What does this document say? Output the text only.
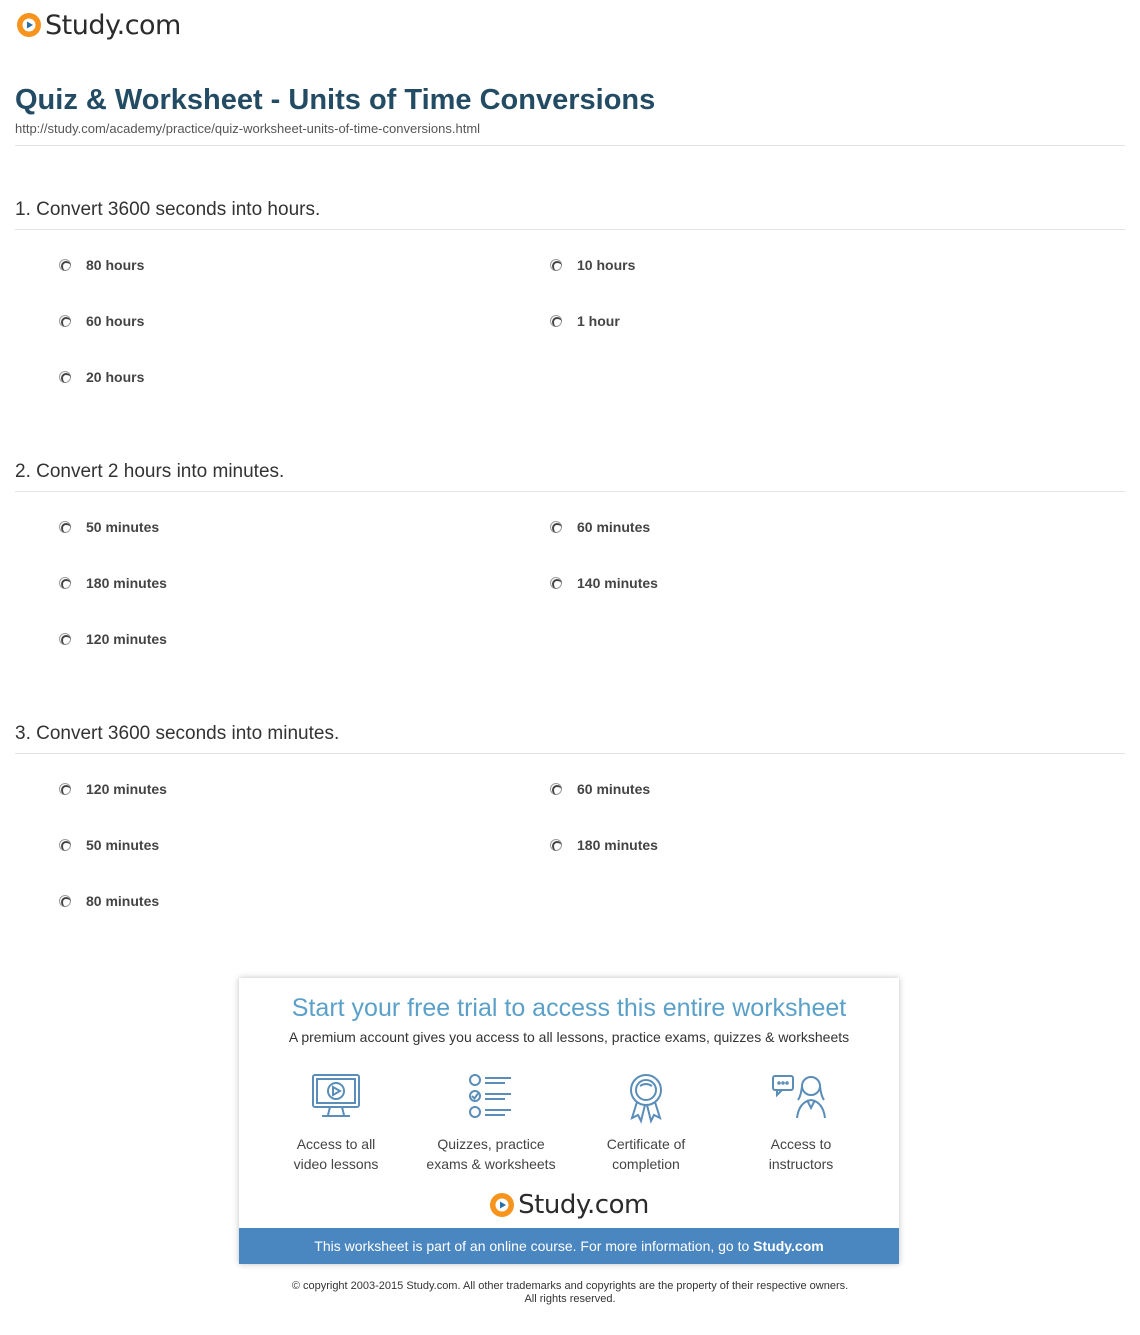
Study.com
Quiz & Worksheet - Units of Time Conversions
http://study.com/academy/practice/quiz-worksheet-units-of-time-conversions.html
1. Convert 3600 seconds into hours.
80 hours	10 hours
60 hours	1 hour
20 hours
2. Convert 2 hours into minutes.
50 minutes	60 minutes
180 minutes	140 minutes
120 minutes
3. Convert 3600 seconds into minutes.
120 minutes	60 minutes
50 minutes	180 minutes
80 minutes
Start your free trial to access this entire worksheet
A premium account gives you access to all lessons, practice exams, quizzes & worksheets
Access to all
video lessons
Quizzes, practice
exams & worksheets
Certificate of
completion
Access to
instructors
Study.com
This worksheet is part of an online course. For more information, go to Study.com
© copyright 2003-2015 Study.com. All other trademarks and copyrights are the property of their respective owners.
All rights reserved.
